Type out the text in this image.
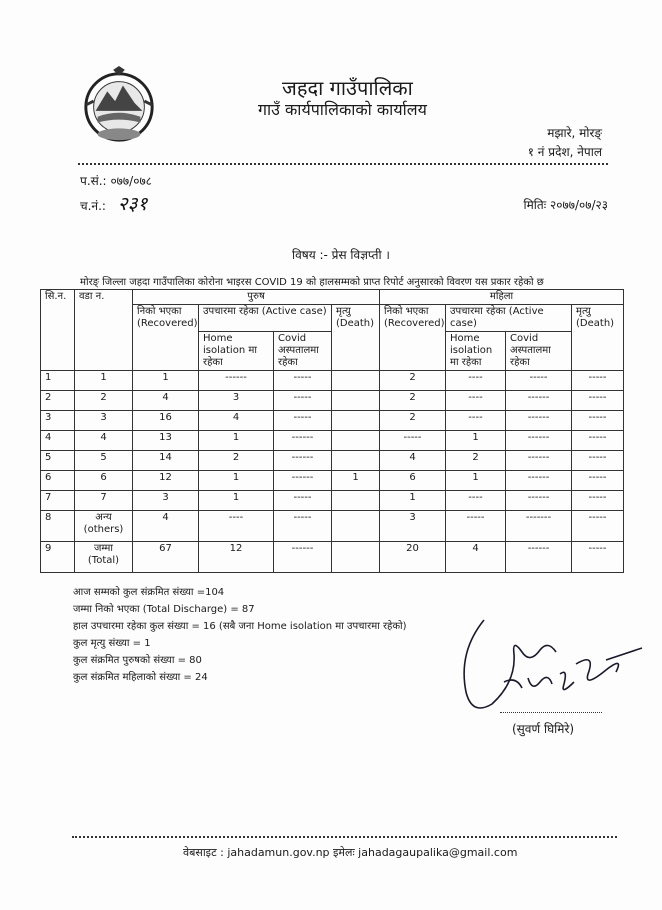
जहदा गाउँपालिका
गाउँ कार्यपालिकाको कार्यालय
मझारे, मोरङ्
१ नं प्रदेश, नेपाल
प.सं.: ०७७/०७८
च.नं.: २३१	मितिः २०७७/०७/२३
विषय :- प्रेस विज्ञप्ती ।
मोरङ् जिल्ला जहदा गाउँपालिका कोरोना भाइरस COVID 19 को हालसम्मको प्राप्त रिपोर्ट अनुसारको विवरण यस प्रकार रहेको छ
सि.न.	वडा न.	पुरुष				महिला			
		निको भएका (Recovered)	उपचारमा रहेका (Active case)		मृत्यु (Death)	निको भएका (Recovered)	उपचारमा रहेका (Active case)		मृत्यु (Death)
			Home isolation मा रहेका	Covid अस्पतालमा रहेका			Home isolation मा रहेका	Covid अस्पतालमा रहेका	
1	1	1	------	-----		2	----	-----	-----
2	2	4	3	-----		2	----	------	-----
3	3	16	4	-----		2	----	------	-----
4	4	13	1	------		-----	1	------	-----
5	5	14	2	------		4	2	------	-----
6	6	12	1	------	1	6	1	------	-----
7	7	3	1	-----		1	----	------	-----
8	अन्य (others)	4	----	-----		3	-----	-------	-----
9	जम्मा (Total)	67	12	------		20	4	------	-----
आज सम्मको कुल संक्रमित संख्या =104
जम्मा निको भएका (Total Discharge) = 87
हाल उपचारमा रहेका कुल संख्या = 16 (सबै जना Home isolation मा उपचारमा रहेको)
कुल मृत्यु संख्या = 1
कुल संक्रमित पुरुषको संख्या = 80
कुल संक्रमित महिलाको संख्या = 24
(सुवर्ण घिमिरे)
वेबसाइट : jahadamun.gov.np इमेलः jahadagaupalika@gmail.com
